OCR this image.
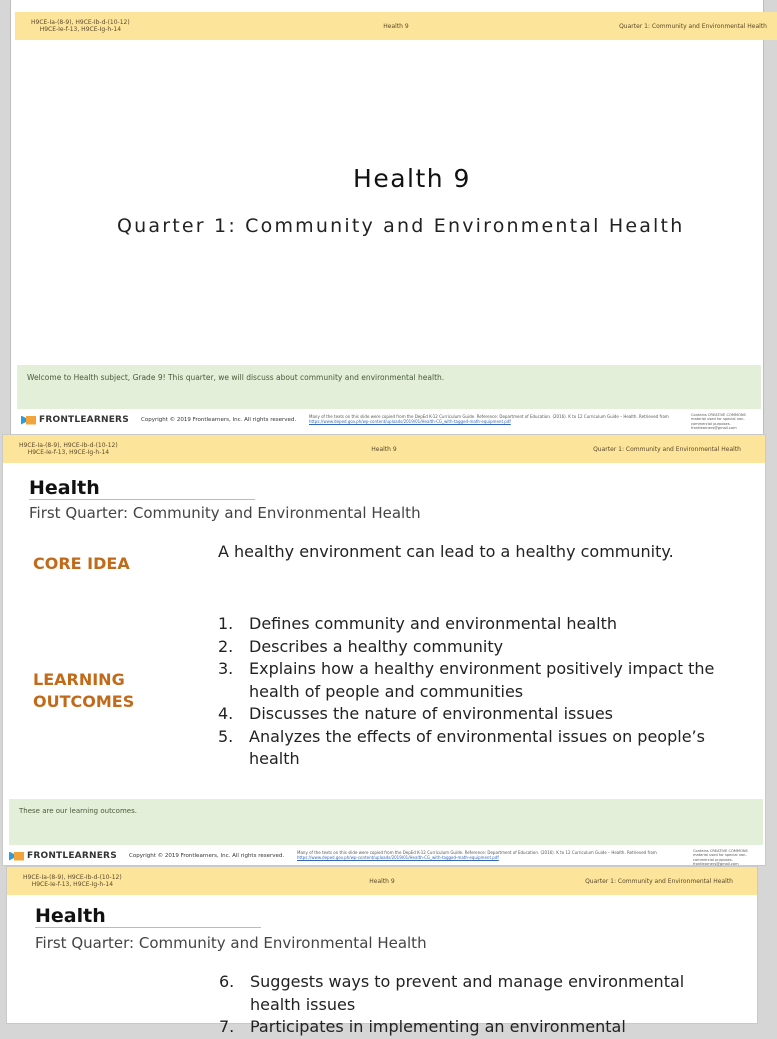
H9CE-Ia-(8-9), H9CE-Ib-d-(10-12)
H9CE-Ie-f-13, H9CE-Ig-h-14	Health 9	Quarter 1: Community and Environmental Health
Health 9
Quarter 1: Community and Environmental Health
Welcome to Health subject, Grade 9! This quarter, we will discuss about community and environmental health.
FRONTLEARNERS Copyright © 2019 Frontlearners, Inc. All rights reserved.
Many of the texts on this slide were copied from the DepEd K-12 Curriculum Guide. Reference: Department of Education. (2016). K to 12 Curriculum Guide – Health. Retrieved from https://www.deped.gov.ph/wp-content/uploads/2019/01/Health-CG_with-tagged-math-equipment.pdf
Contains CREATIVE COMMONS material used for special non-commercial purposes. frontlearners@gmail.com
H9CE-Ia-(8-9), H9CE-Ib-d-(10-12)
H9CE-Ie-f-13, H9CE-Ig-h-14	Health 9	Quarter 1: Community and Environmental Health
Health
First Quarter: Community and Environmental Health
CORE IDEA
A healthy environment can lead to a healthy community.
LEARNING
OUTCOMES
1. Defines community and environmental health
2. Describes a healthy community
3. Explains how a healthy environment positively impact the health of people and communities
4. Discusses the nature of environmental issues
5. Analyzes the effects of environmental issues on people’s health
These are our learning outcomes.
FRONTLEARNERS Copyright © 2019 Frontlearners, Inc. All rights reserved.
Many of the texts on this slide were copied from the DepEd K-12 Curriculum Guide. Reference: Department of Education. (2016). K to 12 Curriculum Guide – Health. Retrieved from https://www.deped.gov.ph/wp-content/uploads/2019/01/Health-CG_with-tagged-math-equipment.pdf
Contains CREATIVE COMMONS material used for special non-commercial purposes. frontlearners@gmail.com
H9CE-Ia-(8-9), H9CE-Ib-d-(10-12)
H9CE-Ie-f-13, H9CE-Ig-h-14	Health 9	Quarter 1: Community and Environmental Health
Health
First Quarter: Community and Environmental Health
6. Suggests ways to prevent and manage environmental health issues
7. Participates in implementing an environmental
